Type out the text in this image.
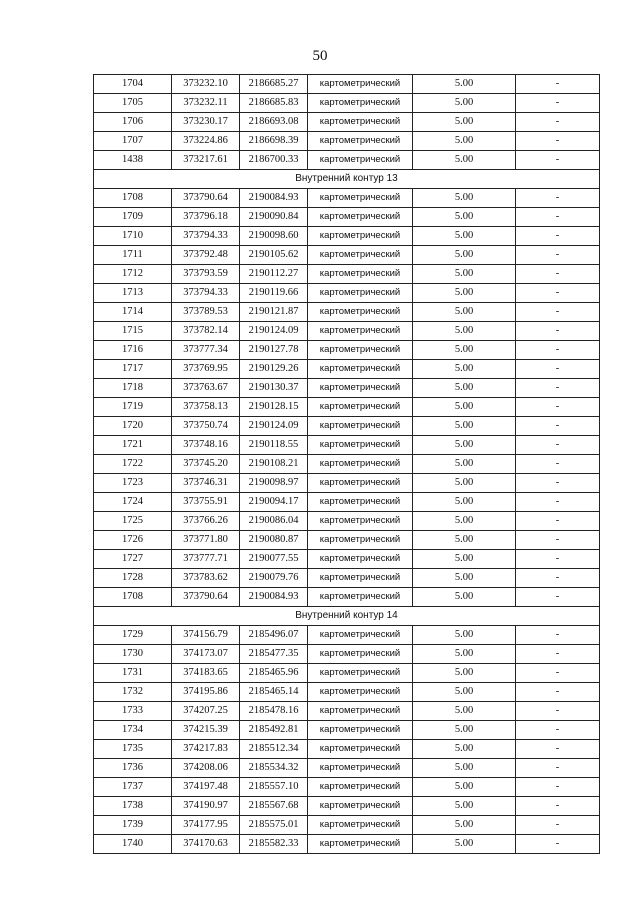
50
1704	373232.10	2186685.27	картометрический	5.00	-
1705	373232.11	2186685.83	картометрический	5.00	-
1706	373230.17	2186693.08	картометрический	5.00	-
1707	373224.86	2186698.39	картометрический	5.00	-
1438	373217.61	2186700.33	картометрический	5.00	-
Внутренний контур 13					
1708	373790.64	2190084.93	картометрический	5.00	-
1709	373796.18	2190090.84	картометрический	5.00	-
1710	373794.33	2190098.60	картометрический	5.00	-
1711	373792.48	2190105.62	картометрический	5.00	-
1712	373793.59	2190112.27	картометрический	5.00	-
1713	373794.33	2190119.66	картометрический	5.00	-
1714	373789.53	2190121.87	картометрический	5.00	-
1715	373782.14	2190124.09	картометрический	5.00	-
1716	373777.34	2190127.78	картометрический	5.00	-
1717	373769.95	2190129.26	картометрический	5.00	-
1718	373763.67	2190130.37	картометрический	5.00	-
1719	373758.13	2190128.15	картометрический	5.00	-
1720	373750.74	2190124.09	картометрический	5.00	-
1721	373748.16	2190118.55	картометрический	5.00	-
1722	373745.20	2190108.21	картометрический	5.00	-
1723	373746.31	2190098.97	картометрический	5.00	-
1724	373755.91	2190094.17	картометрический	5.00	-
1725	373766.26	2190086.04	картометрический	5.00	-
1726	373771.80	2190080.87	картометрический	5.00	-
1727	373777.71	2190077.55	картометрический	5.00	-
1728	373783.62	2190079.76	картометрический	5.00	-
1708	373790.64	2190084.93	картометрический	5.00	-
Внутренний контур 14					
1729	374156.79	2185496.07	картометрический	5.00	-
1730	374173.07	2185477.35	картометрический	5.00	-
1731	374183.65	2185465.96	картометрический	5.00	-
1732	374195.86	2185465.14	картометрический	5.00	-
1733	374207.25	2185478.16	картометрический	5.00	-
1734	374215.39	2185492.81	картометрический	5.00	-
1735	374217.83	2185512.34	картометрический	5.00	-
1736	374208.06	2185534.32	картометрический	5.00	-
1737	374197.48	2185557.10	картометрический	5.00	-
1738	374190.97	2185567.68	картометрический	5.00	-
1739	374177.95	2185575.01	картометрический	5.00	-
1740	374170.63	2185582.33	картометрический	5.00	-
